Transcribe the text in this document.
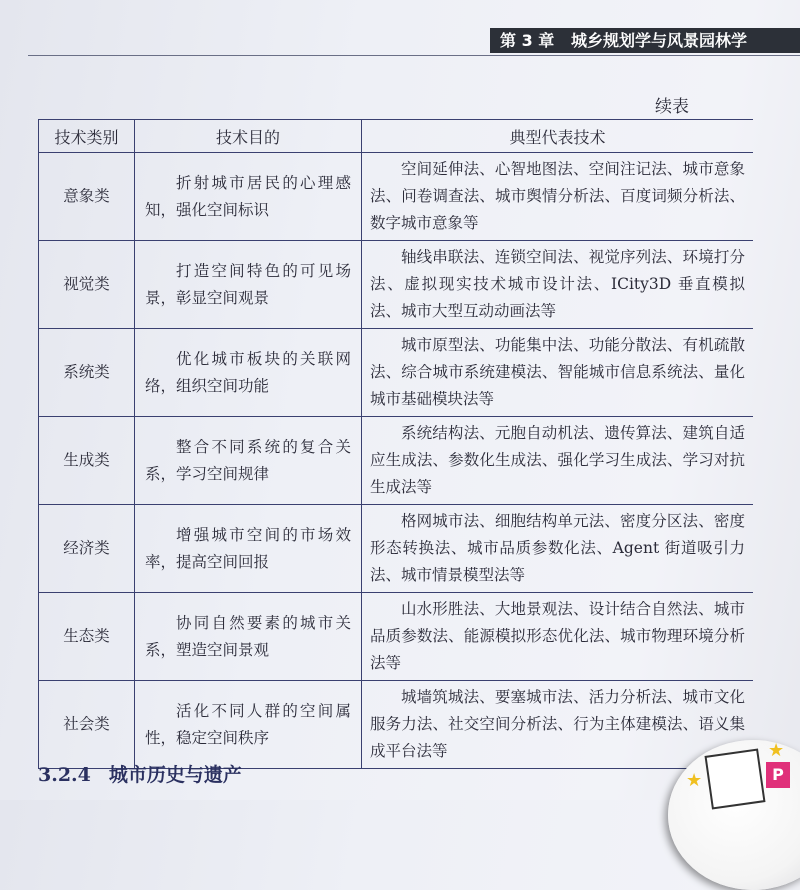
第 3 章 城乡规划学与风景园林学
续表
技术类别	技术目的	典型代表技术
意象类	折射城市居民的心理感知，强化空间标识	空间延伸法、心智地图法、空间注记法、城市意象法、问卷调查法、城市舆情分析法、百度词频分析法、数字城市意象等
视觉类	打造空间特色的可见场景，彰显空间观景	轴线串联法、连锁空间法、视觉序列法、环境打分法、虚拟现实技术城市设计法、ICity3D 垂直模拟法、城市大型互动动画法等
系统类	优化城市板块的关联网络，组织空间功能	城市原型法、功能集中法、功能分散法、有机疏散法、综合城市系统建模法、智能城市信息系统法、量化城市基础模块法等
生成类	整合不同系统的复合关系，学习空间规律	系统结构法、元胞自动机法、遗传算法、建筑自适应生成法、参数化生成法、强化学习生成法、学习对抗生成法等
经济类	增强城市空间的市场效率，提高空间回报	格网城市法、细胞结构单元法、密度分区法、密度形态转换法、城市品质参数化法、Agent 街道吸引力法、城市情景模型法等
生态类	协同自然要素的城市关系，塑造空间景观	山水形胜法、大地景观法、设计结合自然法、城市品质参数法、能源模拟形态优化法、城市物理环境分析法等
社会类	活化不同人群的空间属性，稳定空间秩序	城墙筑城法、要塞城市法、活力分析法、城市文化服务力法、社交空间分析法、行为主体建模法、语义集成平台法等
3.2.4 城市历史与遗产	P
★
★
